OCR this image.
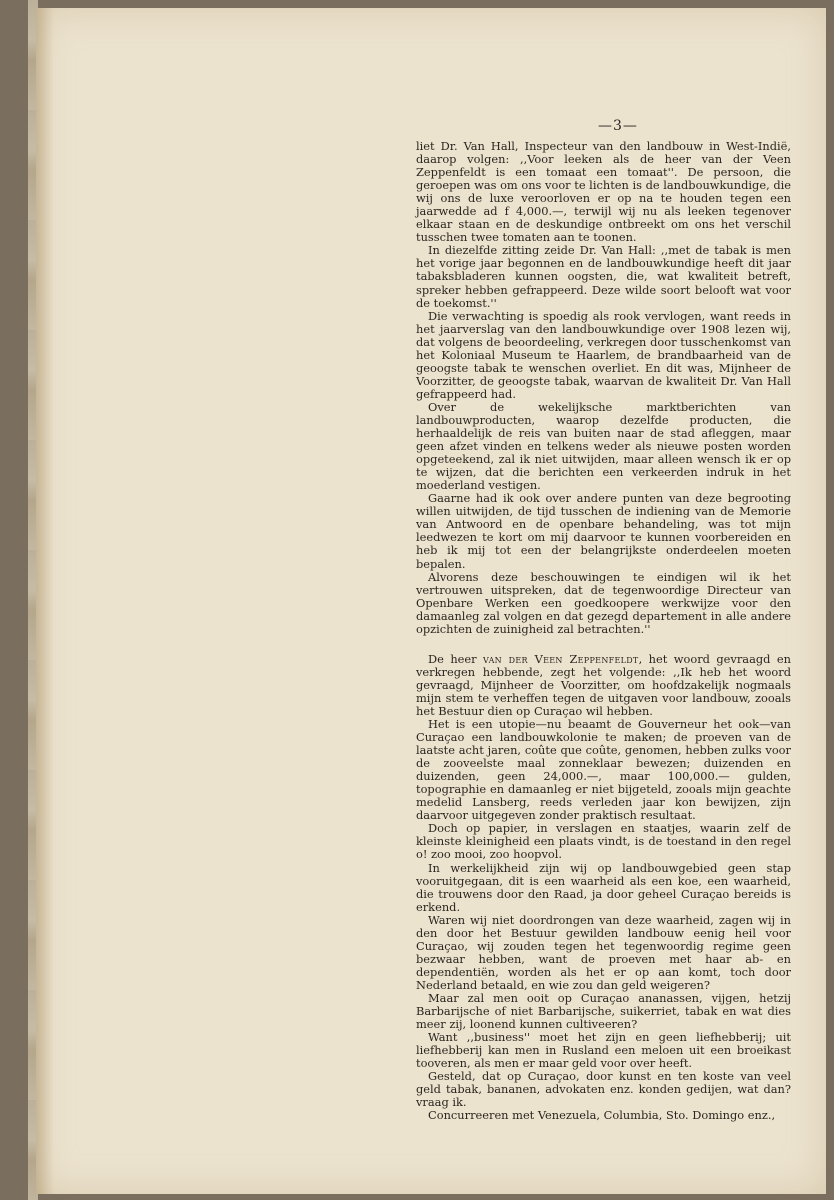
—3—

liet Dr. Van Hall, Inspecteur van den landbouw in West-Indië, daarop volgen: ,,Voor leeken als de heer van der Veen Zeppenfeldt is een tomaat een tomaat''. De persoon, die geroepen was om ons voor te lichten is de landbouwkundige, die wij ons de luxe veroorloven er op na te houden tegen een jaarwedde ad f 4,000.—, terwijl wij nu als leeken tegenover elkaar staan en de deskundige ontbreekt om ons het verschil tusschen twee tomaten aan te toonen.

In diezelfde zitting zeide Dr. Van Hall: ,,met de tabak is men het vorige jaar begonnen en de landbouwkundige heeft dit jaar tabaksbladeren kunnen oogsten, die, wat kwaliteit betreft, spreker hebben gefrappeerd. Deze wilde soort belooft wat voor de toekomst.''

Die verwachting is spoedig als rook vervlogen, want reeds in het jaarverslag van den landbouwkundige over 1908 lezen wij, dat volgens de beoordeeling, verkregen door tusschenkomst van het Koloniaal Museum te Haarlem, de brandbaarheid van de geoogste tabak te wenschen overliet. En dit was, Mijnheer de Voorzitter, de geoogste tabak, waarvan de kwaliteit Dr. Van Hall gefrappeerd had.

Over de wekelijksche marktberichten van landbouwproducten, waarop dezelfde producten, die herhaaldelijk de reis van buiten naar de stad afleggen, maar geen afzet vinden en telkens weder als nieuwe posten worden opgeteekend, zal ik niet uitwijden, maar alleen wensch ik er op te wijzen, dat die berichten een verkeerden indruk in het moederland vestigen.

Gaarne had ik ook over andere punten van deze begrooting willen uitwijden, de tijd tusschen de indiening van de Memorie van Antwoord en de openbare behandeling, was tot mijn leedwezen te kort om mij daarvoor te kunnen voorbereiden en heb ik mij tot een der belangrijkste onderdeelen moeten bepalen.

Alvorens deze beschouwingen te eindigen wil ik het vertrouwen uitspreken, dat de tegenwoordige Directeur van Openbare Werken een goedkoopere werkwijze voor den damaanleg zal volgen en dat gezegd departement in alle andere opzichten de zuinigheid zal betrachten.''

De heer van der Veen Zeppenfeldt, het woord gevraagd en verkregen hebbende, zegt het volgende: ,,Ik heb het woord gevraagd, Mijnheer de Voorzitter, om hoofdzakelijk nogmaals mijn stem te verheffen tegen de uitgaven voor landbouw, zooals het Bestuur dien op Curaçao wil hebben.

Het is een utopie—nu beaamt de Gouverneur het ook—van Curaçao een landbouwkolonie te maken; de proeven van de laatste acht jaren, coûte que coûte, genomen, hebben zulks voor de zooveelste maal zonneklaar bewezen; duizenden en duizenden, geen 24,000.—, maar 100,000.— gulden, topographie en damaanleg er niet bijgeteld, zooals mijn geachte medelid Lansberg, reeds verleden jaar kon bewijzen, zijn daarvoor uitgegeven zonder praktisch resultaat.

Doch op papier, in verslagen en staatjes, waarin zelf de kleinste kleinigheid een plaats vindt, is de toestand in den regel o! zoo mooi, zoo hoopvol.

In werkelijkheid zijn wij op landbouwgebied geen stap vooruitgegaan, dit is een waarheid als een koe, een waarheid, die trouwens door den Raad, ja door geheel Curaçao bereids is erkend.

Waren wij niet doordrongen van deze waarheid, zagen wij in den door het Bestuur gewilden landbouw eenig heil voor Curaçao, wij zouden tegen het tegenwoordig regime geen bezwaar hebben, want de proeven met haar ab- en dependentiën, worden als het er op aan komt, toch door Nederland betaald, en wie zou dan geld weigeren?

Maar zal men ooit op Curaçao ananassen, vijgen, hetzij Barbarijsche of niet Barbarijsche, suikerriet, tabak en wat dies meer zij, loonend kunnen cultiveeren?

Want ,,business'' moet het zijn en geen liefhebberij; uit liefhebberij kan men in Rusland een meloen uit een broeikast tooveren, als men er maar geld voor over heeft.

Gesteld, dat op Curaçao, door kunst en ten koste van veel geld tabak, bananen, advokaten enz. konden gedijen, wat dan? vraag ik.

Concurreeren met Venezuela, Columbia, Sto. Domingo enz.,
